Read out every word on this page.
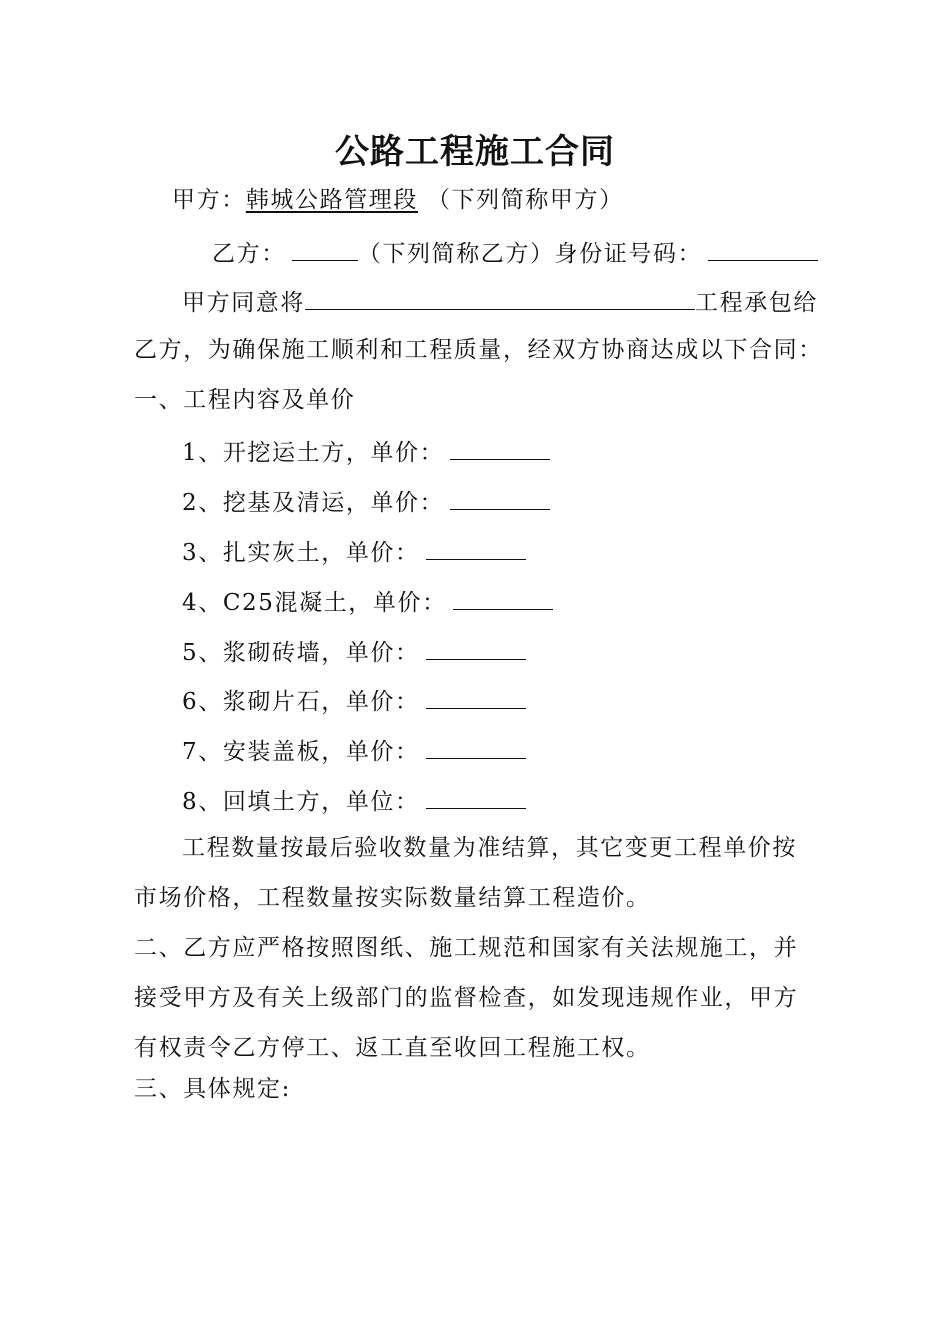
公路工程施工合同
甲方：韩城公路管理段 （下列简称甲方）
乙方：	（下列简称乙方）身份证号码：
甲方同意将	工程承包给
乙方，为确保施工顺利和工程质量，经双方协商达成以下合同：
一、工程内容及单价
1、开挖运土方，单价：
2、挖基及清运，单价：
3、扎实灰土，单价：
4、C25混凝土，单价：
5、浆砌砖墙，单价：
6、浆砌片石，单价：
7、安装盖板，单价：
8、回填土方，单位：
工程数量按最后验收数量为准结算，其它变更工程单价按
市场价格，工程数量按实际数量结算工程造价。
二、乙方应严格按照图纸、施工规范和国家有关法规施工，并
接受甲方及有关上级部门的监督检查，如发现违规作业，甲方
有权责令乙方停工、返工直至收回工程施工权。
三、具体规定:
